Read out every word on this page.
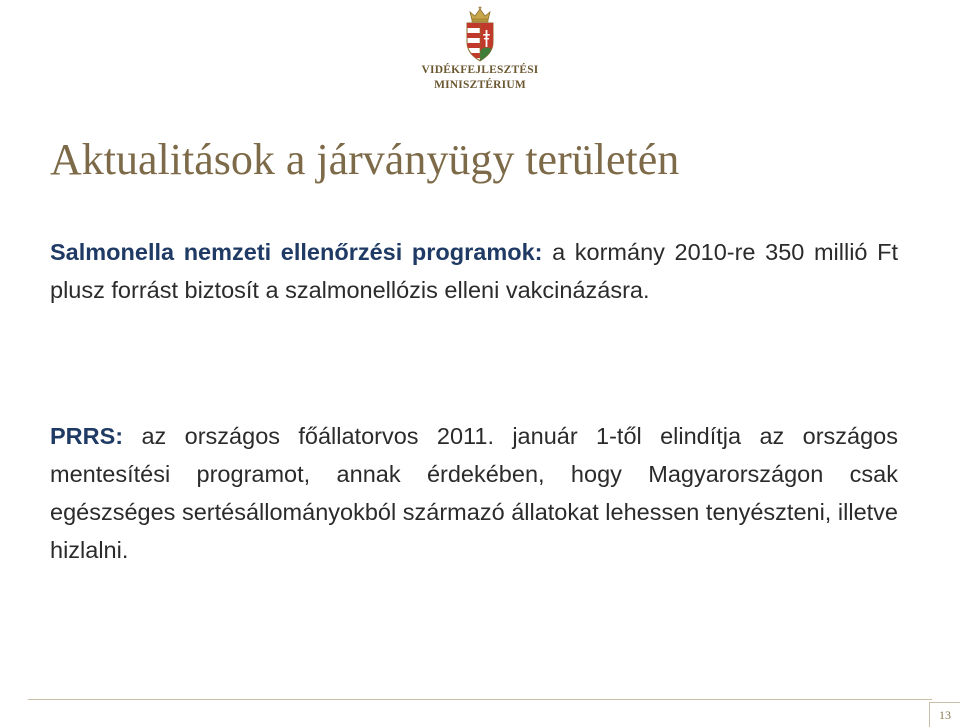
VIDÉKFEJLESZTÉSI
MINISZTÉRIUM
Aktualitások a járványügy területén

Salmonella nemzeti ellenőrzési programok: a kormány 2010-re 350 millió Ft plusz forrást biztosít a szalmonellózis elleni vakcinázásra.

PRRS: az országos főállatorvos 2011. január 1-től elindítja az országos mentesítési programot, annak érdekében, hogy Magyarországon csak egészséges sertésállományokból származó állatokat lehessen tenyészteni, illetve hizlalni.

13
